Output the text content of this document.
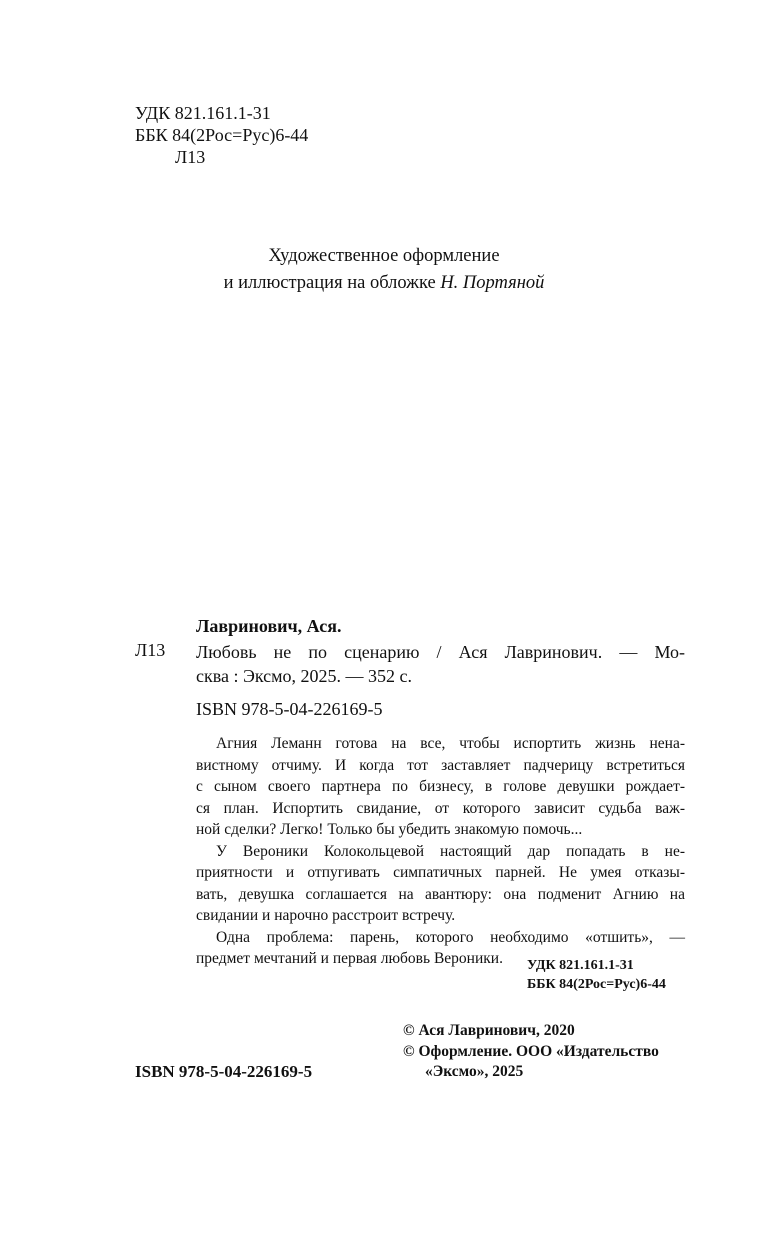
УДК 821.161.1-31
ББК 84(2Рос=Рус)6-44
Л13
Художественное оформление
и иллюстрация на обложке Н. Портяной
Лавринович, Ася.
Л13 Любовь не по сценарию / Ася Лавринович. — Мо-
сква : Эксмо, 2025. — 352 с.
ISBN 978-5-04-226169-5
Агния Леманн готова на все, чтобы испортить жизнь нена-
вистному отчиму. И когда тот заставляет падчерицу встретиться
с сыном своего партнера по бизнесу, в голове девушки рождает-
ся план. Испортить свидание, от которого зависит судьба важ-
ной сделки? Легко! Только бы убедить знакомую помочь...
У Вероники Колокольцевой настоящий дар попадать в не-
приятности и отпугивать симпатичных парней. Не умея отказы-
вать, девушка соглашается на авантюру: она подменит Агнию на
свидании и нарочно расстроит встречу.
Одна проблема: парень, которого необходимо «отшить», —
предмет мечтаний и первая любовь Вероники.	УДК 821.161.1-31
ББК 84(2Рос=Рус)6-44
© Ася Лавринович, 2020
© Оформление. ООО «Издательство
«Эксмо», 2025
ISBN 978-5-04-226169-5
